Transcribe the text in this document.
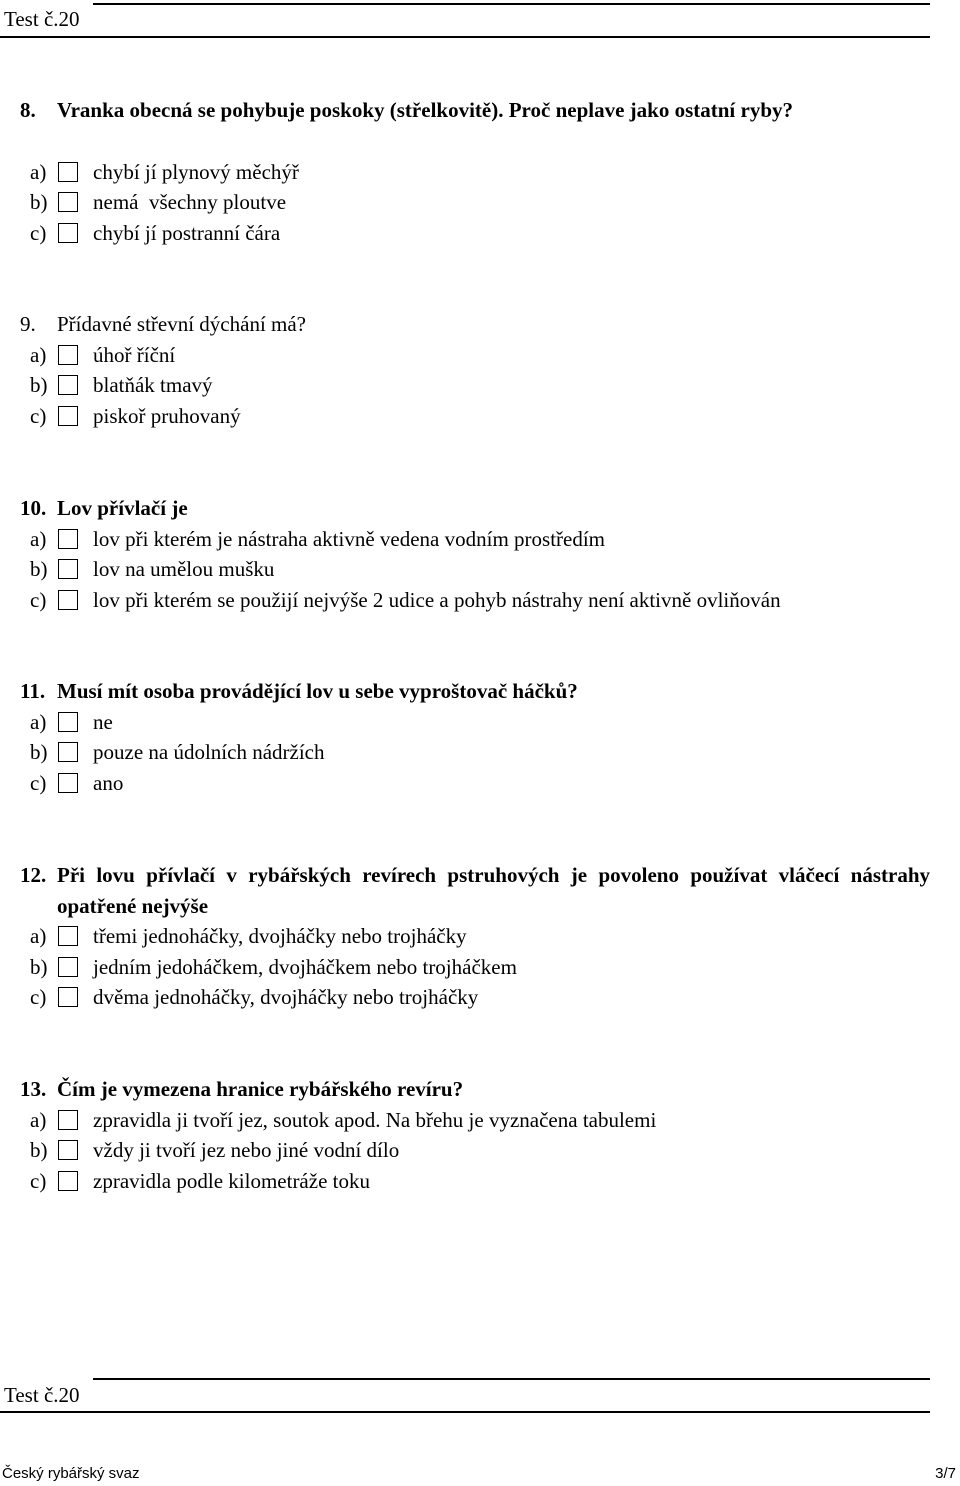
Test č.20
8.	Vranka obecná se pohybuje poskoky (střelkovitě). Proč neplave jako ostatní ryby?
a)	chybí jí plynový měchýř
b)	nemá  všechny ploutve
c)	chybí jí postranní čára
9.	Přídavné střevní dýchání má?
a)	úhoř říční
b)	blatňák tmavý
c)	piskoř pruhovaný
10. Lov přívlačí je
a)	lov při kterém je nástraha aktivně vedena vodním prostředím
b)	lov na umělou mušku
c)	lov při kterém se použijí nejvýše 2 udice a pohyb nástrahy není aktivně ovliňován
11. Musí mít osoba provádějící lov u sebe vyproštovač háčků?
a)	ne
b)	pouze na údolních nádržích
c)	ano
12. Při lovu přívlačí v rybářských revírech pstruhových je povoleno používat vláčecí nástrahy opatřené nejvýše
a)	třemi jednoháčky, dvojháčky nebo trojháčky
b)	jedním jedoháčkem, dvojháčkem nebo trojháčkem
c)	dvěma jednoháčky, dvojháčky nebo trojháčky
13. Čím je vymezena hranice rybářského revíru?
a)	zpravidla ji tvoří jez, soutok apod. Na břehu je vyznačena tabulemi
b)	vždy ji tvoří jez nebo jiné vodní dílo
c)	zpravidla podle kilometráže toku
Test č.20
Český rybářský svaz	3/7
